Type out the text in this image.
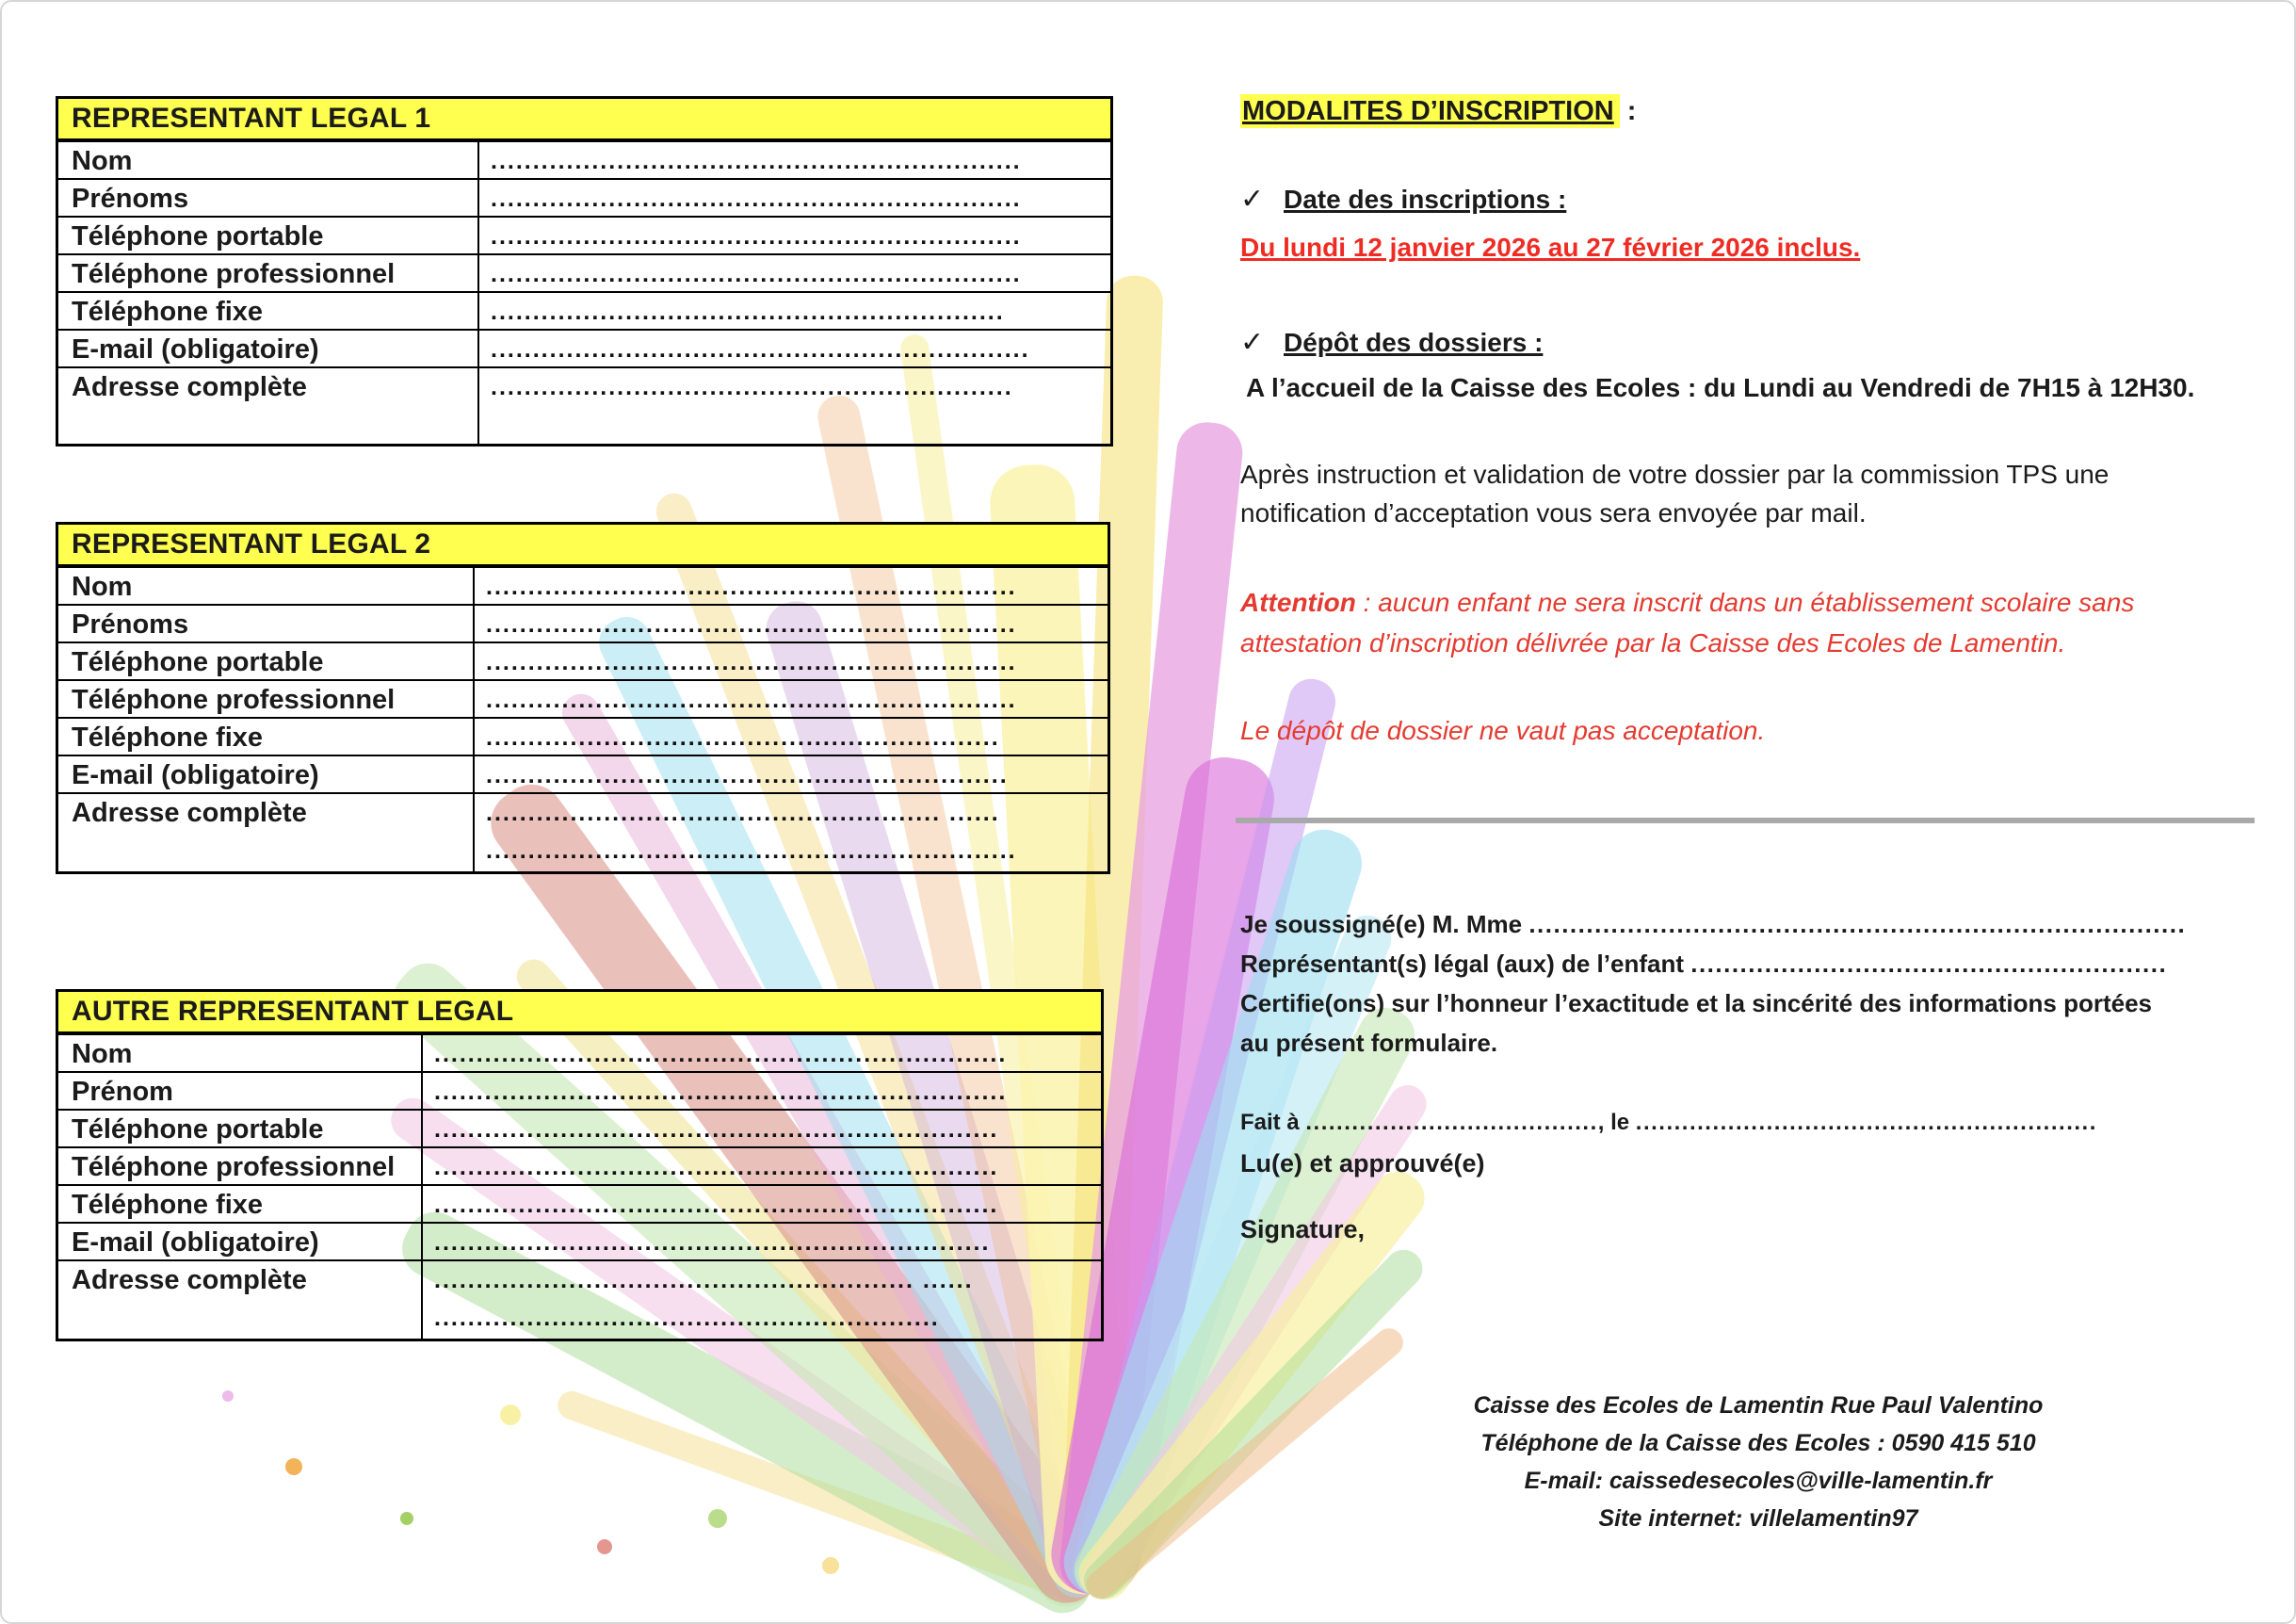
REPRESENTANT LEGAL 1
Nom	...............................................................
Prénoms	...............................................................
Téléphone portable	...............................................................
Téléphone professionnel	...............................................................
Téléphone fixe	.............................................................
E-mail (obligatoire)	................................................................
Adresse complète	..............................................................
REPRESENTANT LEGAL 2
Nom	...............................................................
Prénoms	...............................................................
Téléphone portable	...............................................................
Téléphone professionnel	...............................................................
Téléphone fixe	.............................................................
E-mail (obligatoire)	..............................................................
Adresse complète	...................................................... ......
...............................................................
AUTRE REPRESENTANT LEGAL
Nom	....................................................................
Prénom	....................................................................
Téléphone portable	...................................................................
Téléphone professionnel	...................................................................
Téléphone fixe	...................................................................
E-mail (obligatoire)	..................................................................
Adresse complète	......................................................... ......
............................................................
MODALITES D’INSCRIPTION :
✓ Date des inscriptions :
Du lundi 12 janvier 2026 au 27 février 2026 inclus.
✓ Dépôt des dossiers :
A l’accueil de la Caisse des Ecoles : du Lundi au Vendredi de 7H15 à 12H30.
Après instruction et validation de votre dossier par la commission TPS une notification d’acceptation vous sera envoyée par mail.
Attention : aucun enfant ne sera inscrit dans un établissement scolaire sans attestation d’inscription délivrée par la Caisse des Ecoles de Lamentin.
Le dépôt de dossier ne vaut pas acceptation.
Je soussigné(e) M. Mme ................................................................................
Représentant(s) légal (aux) de l’enfant ..........................................................
Certifie(ons) sur l’honneur l’exactitude et la sincérité des informations portées
au présent formulaire.
Fait à ......................................, le ............................................................
Lu(e) et approuvé(e)
Signature,
Caisse des Ecoles de Lamentin Rue Paul Valentino
Téléphone de la Caisse des Ecoles : 0590 415 510
E-mail: caissedesecoles@ville-lamentin.fr
Site internet: villelamentin97
